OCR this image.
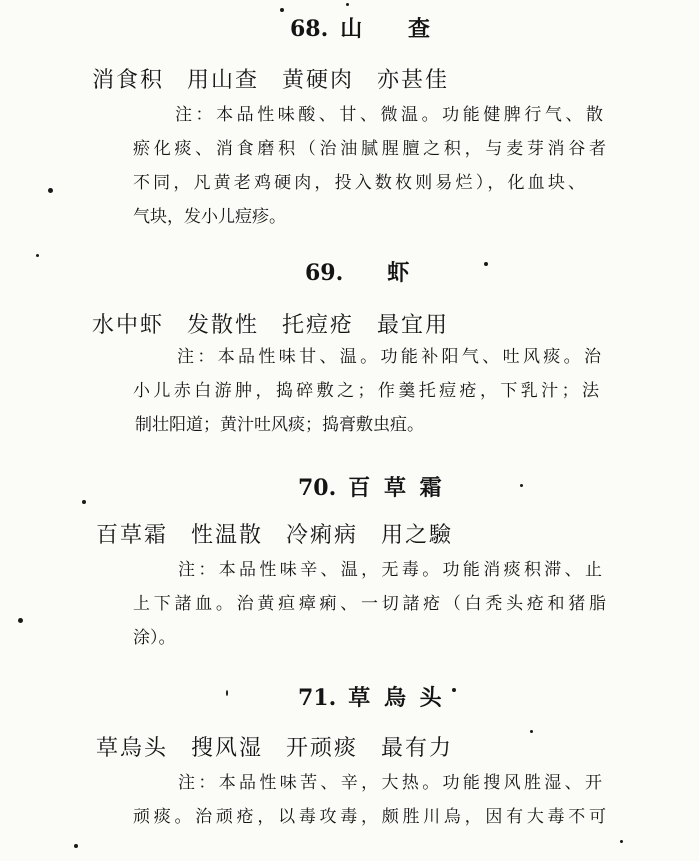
68. 山 查
消食积 用山查 黄硬肉 亦甚佳
注：本品性味酸、甘、微温。功能健脾行气、散
瘀化痰、消食磨积（治油腻腥膻之积，与麦芽消谷者
不同，凡黄老鸡硬肉，投入数枚则易烂），化血块、
气块，发小儿痘疹。
69. 虾
水中虾 发散性 托痘疮 最宜用
注：本品性味甘、温。功能补阳气、吐风痰。治
小儿赤白游肿，捣碎敷之；作羹托痘疮，下乳汁；法
制壮阳道；黄汁吐风痰；捣膏敷虫疽。
70. 百 草 霜
百草霜 性温散 冷痢病 用之驗
注：本品性味辛、温，无毒。功能消痰积滞、止
上下諸血。治黄疸瘴痢、一切諸疮（白秃头疮和猪脂
涂）。
71. 草 烏 头
草烏头 搜风湿 开顽痰 最有力
注：本品性味苦、辛，大热。功能搜风胜湿、开
顽痰。治顽疮，以毒攻毒，颇胜川烏，因有大毒不可
